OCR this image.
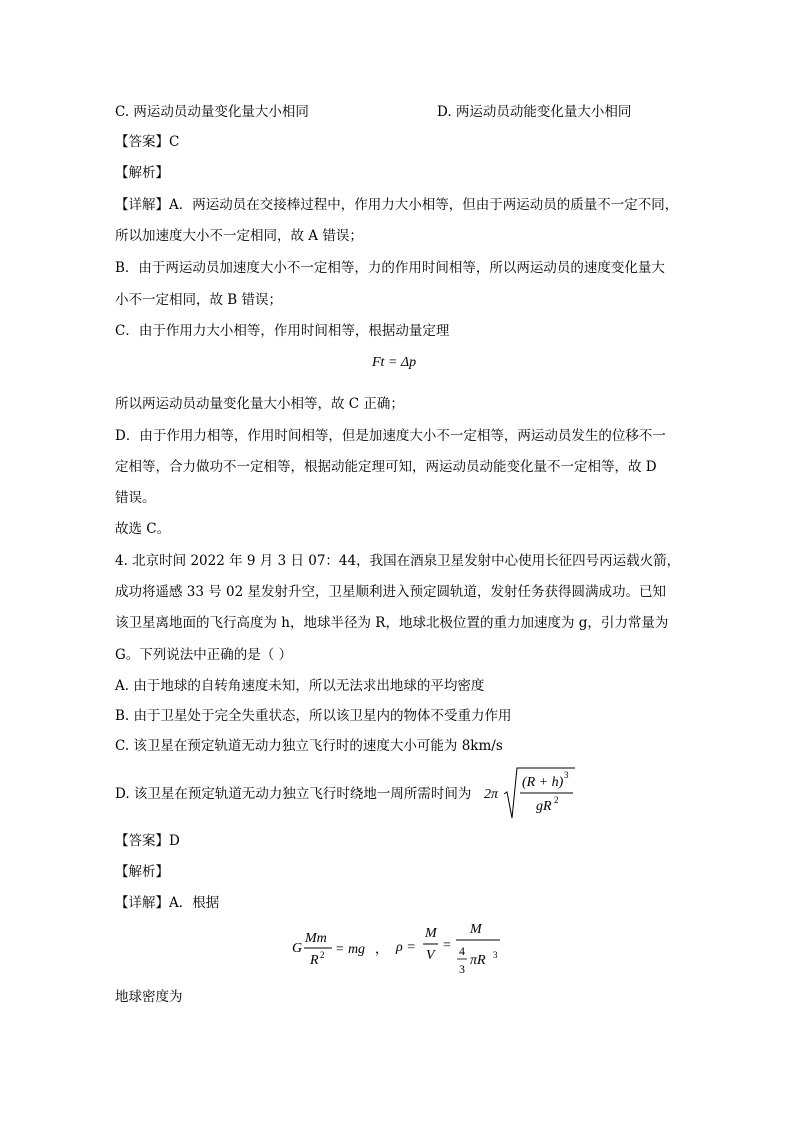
C. 两运动员动量变化量大小相同	D. 两运动员动能变化量大小相同
【答案】C
【解析】
【详解】A．两运动员在交接棒过程中，作用力大小相等，但由于两运动员的质量不一定不同，
所以加速度大小不一定相同，故 A 错误；
B．由于两运动员加速度大小不一定相等，力的作用时间相等，所以两运动员的速度变化量大
小不一定相同，故 B 错误；
C．由于作用力大小相等，作用时间相等，根据动量定理
Ft = Δp
所以两运动员动量变化量大小相等，故 C 正确；
D．由于作用力相等，作用时间相等，但是加速度大小不一定相等，两运动员发生的位移不一
定相等，合力做功不一定相等，根据动能定理可知，两运动员动能变化量不一定相等，故 D
错误。
故选 C。
4. 北京时间 2022 年 9 月 3 日 07：44，我国在酒泉卫星发射中心使用长征四号丙运载火箭，
成功将遥感 33 号 02 星发射升空，卫星顺利进入预定圆轨道，发射任务获得圆满成功。已知
该卫星离地面的飞行高度为 h，地球半径为 R，地球北极位置的重力加速度为 g，引力常量为
G。下列说法中正确的是（ ）
A. 由于地球的自转角速度未知，所以无法求出地球的平均密度
B. 由于卫星处于完全失重状态，所以该卫星内的物体不受重力作用
C. 该卫星在预定轨道无动力独立飞行时的速度大小可能为 8km/s
D. 该卫星在预定轨道无动力独立飞行时绕地一周所需时间为 2π
(R + h) 3
gR 2
【答案】D
【解析】
【详解】A．根据
G
Mm
R 2 = mg ， ρ =
M
V
=
M
4
3
πR 3
地球密度为
